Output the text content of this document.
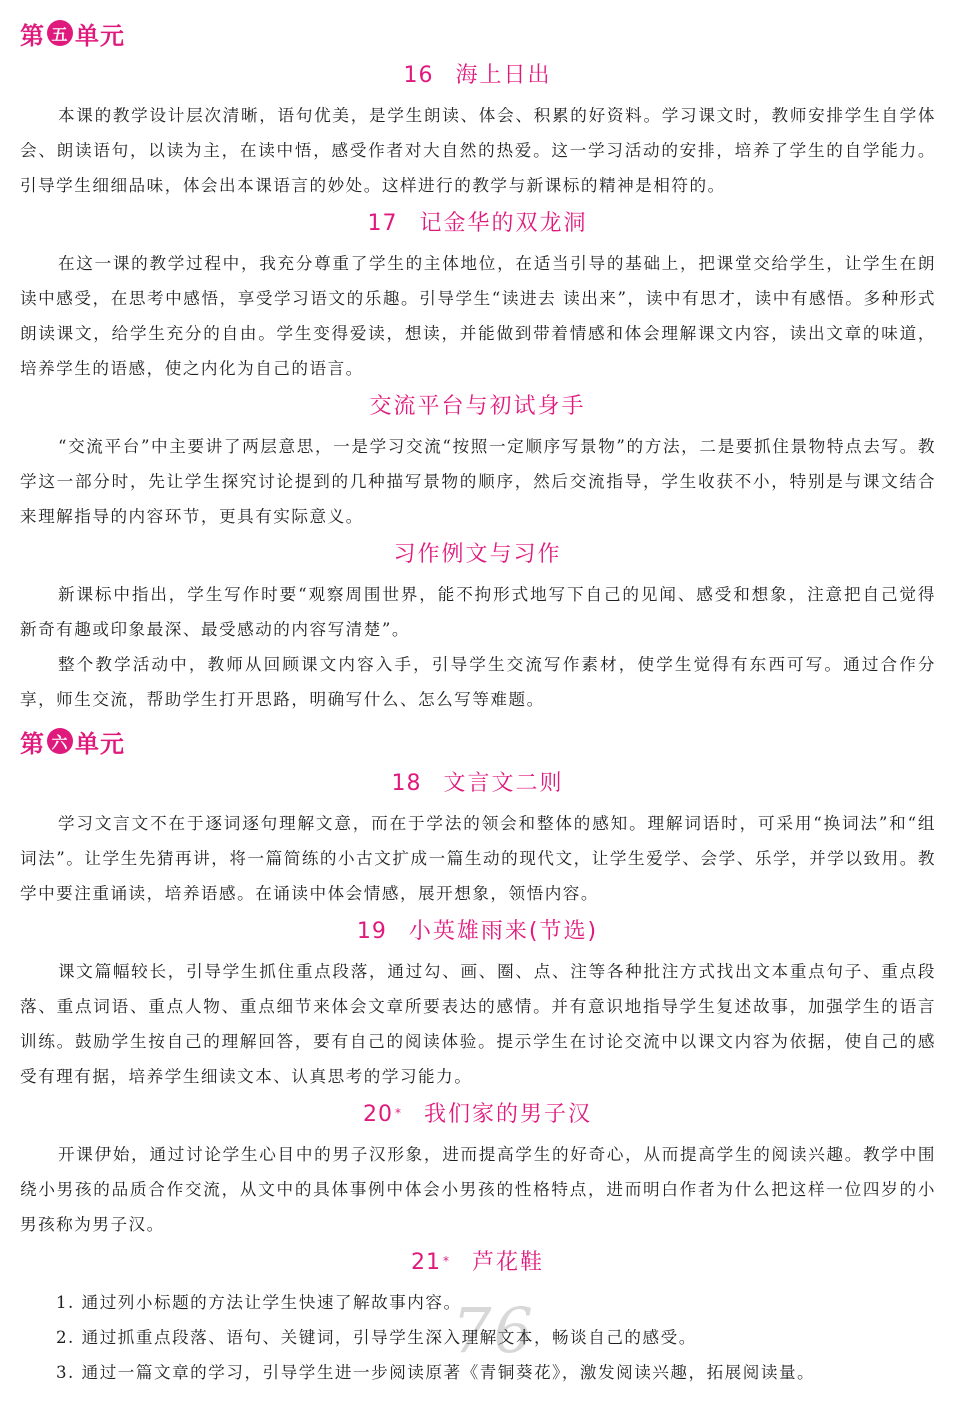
第 五 单元
16 海上日出
本课的教学设计层次清晰，语句优美，是学生朗读、体会、积累的好资料。学习课文时，教师安排学生自学体会、朗读语句，以读为主，在读中悟，感受作者对大自然的热爱。这一学习活动的安排，培养了学生的自学能力。引导学生细细品味，体会出本课语言的妙处。这样进行的教学与新课标的精神是相符的。
17 记金华的双龙洞
在这一课的教学过程中，我充分尊重了学生的主体地位，在适当引导的基础上，把课堂交给学生，让学生在朗读中感受，在思考中感悟，享受学习语文的乐趣。引导学生“读进去 读出来”，读中有思才，读中有感悟。多种形式朗读课文，给学生充分的自由。学生变得爱读，想读，并能做到带着情感和体会理解课文内容，读出文章的味道，培养学生的语感，使之内化为自己的语言。
交流平台与初试身手
“交流平台”中主要讲了两层意思，一是学习交流“按照一定顺序写景物”的方法，二是要抓住景物特点去写。教学这一部分时，先让学生探究讨论提到的几种描写景物的顺序，然后交流指导，学生收获不小，特别是与课文结合来理解指导的内容环节，更具有实际意义。
习作例文与习作
新课标中指出，学生写作时要“观察周围世界，能不拘形式地写下自己的见闻、感受和想象，注意把自己觉得新奇有趣或印象最深、最受感动的内容写清楚”。
整个教学活动中，教师从回顾课文内容入手，引导学生交流写作素材，使学生觉得有东西可写。通过合作分享，师生交流，帮助学生打开思路，明确写什么、怎么写等难题。
第 六 单元
18 文言文二则
学习文言文不在于逐词逐句理解文意，而在于学法的领会和整体的感知。理解词语时，可采用“换词法”和“组词法”。让学生先猜再讲，将一篇简练的小古文扩成一篇生动的现代文，让学生爱学、会学、乐学，并学以致用。教学中要注重诵读，培养语感。在诵读中体会情感，展开想象，领悟内容。
19 小英雄雨来(节选)
课文篇幅较长，引导学生抓住重点段落，通过勾、画、圈、点、注等各种批注方式找出文本重点句子、重点段落、重点词语、重点人物、重点细节来体会文章所要表达的感情。并有意识地指导学生复述故事，加强学生的语言训练。鼓励学生按自己的理解回答，要有自己的阅读体验。提示学生在讨论交流中以课文内容为依据，使自己的感受有理有据，培养学生细读文本、认真思考的学习能力。
20 * 我们家的男子汉
开课伊始，通过讨论学生心目中的男子汉形象，进而提高学生的好奇心，从而提高学生的阅读兴趣。教学中围绕小男孩的品质合作交流，从文中的具体事例中体会小男孩的性格特点，进而明白作者为什么把这样一位四岁的小男孩称为男子汉。
21 * 芦花鞋
76
1. 通过列小标题的方法让学生快速了解故事内容。
2. 通过抓重点段落、语句、关键词，引导学生深入理解文本，畅谈自己的感受。
3. 通过一篇文章的学习，引导学生进一步阅读原著《青铜葵花》，激发阅读兴趣，拓展阅读量。
